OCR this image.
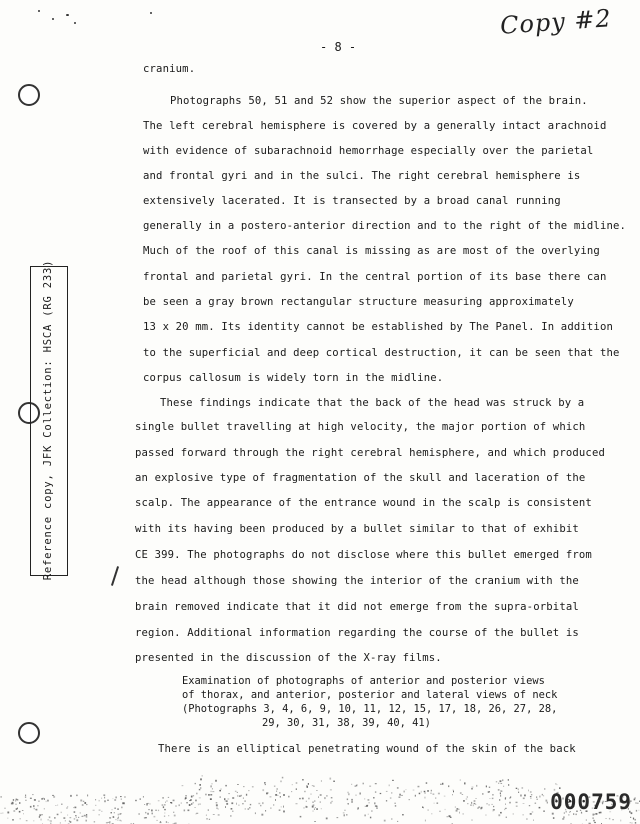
Copy #2
- 8 -
Reference copy, JFK Collection: HSCA (RG 233)
cranium.
Photographs 50, 51 and 52 show the superior aspect of the brain.
The left cerebral hemisphere is covered by a generally intact arachnoid
with evidence of subarachnoid hemorrhage especially over the parietal
and frontal gyri and in the sulci. The right cerebral hemisphere is
extensively lacerated. It is transected by a broad canal running
generally in a postero-anterior direction and to the right of the midline.
Much of the roof of this canal is missing as are most of the overlying
frontal and parietal gyri. In the central portion of its base there can
be seen a gray brown rectangular structure measuring approximately
13 x 20 mm. Its identity cannot be established by The Panel. In addition
to the superficial and deep cortical destruction, it can be seen that the
corpus callosum is widely torn in the midline.
These findings indicate that the back of the head was struck by a
single bullet travelling at high velocity, the major portion of which
passed forward through the right cerebral hemisphere, and which produced
an explosive type of fragmentation of the skull and laceration of the
scalp. The appearance of the entrance wound in the scalp is consistent
with its having been produced by a bullet similar to that of exhibit
CE 399. The photographs do not disclose where this bullet emerged from
the head although those showing the interior of the cranium with the
brain removed indicate that it did not emerge from the supra-orbital
region. Additional information regarding the course of the bullet is
presented in the discussion of the X-ray films.
Examination of photographs of anterior and posterior views
of thorax, and anterior, posterior and lateral views of neck
(Photographs 3, 4, 6, 9, 10, 11, 12, 15, 17, 18, 26, 27, 28,
29, 30, 31, 38, 39, 40, 41)
There is an elliptical penetrating wound of the skin of the back
000759
